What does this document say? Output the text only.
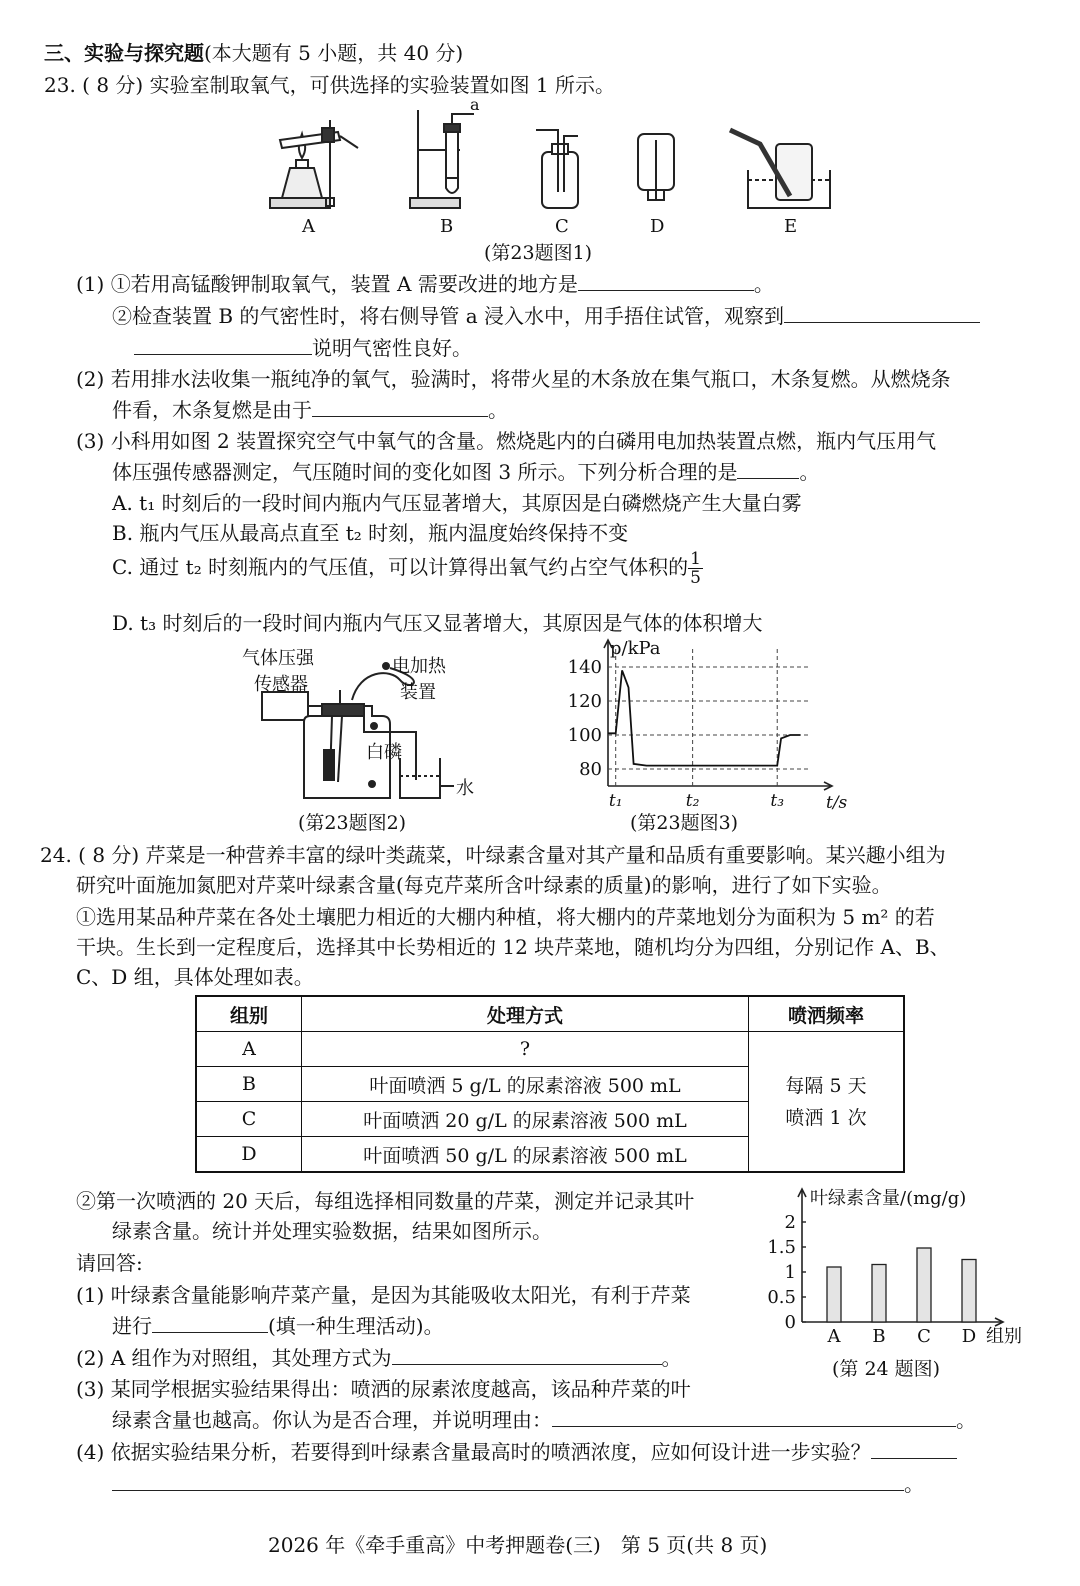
三、实验与探究题(本大题有 5 小题，共 40 分)
23. ( 8 分) 实验室制取氧气，可供选择的实验装置如图 1 所示。
A
a
B	C	D	E
(第23题图1)
(1) ①若用高锰酸钾制取氧气，装置 A 需要改进的地方是	。
②检查装置 B 的气密性时，将右侧导管 a 浸入水中，用手捂住试管，观察到
说明气密性良好。
(2) 若用排水法收集一瓶纯净的氧气，验满时，将带火星的木条放在集气瓶口，木条复燃。从燃烧条
件看，木条复燃是由于	。
(3) 小科用如图 2 装置探究空气中氧气的含量。燃烧匙内的白磷用电加热装置点燃，瓶内气压用气
体压强传感器测定，气压随时间的变化如图 3 所示。下列分析合理的是	。
A. t₁ 时刻后的一段时间内瓶内气压显著增大，其原因是白磷燃烧产生大量白雾
B. 瓶内气压从最高点直至 t₂ 时刻，瓶内温度始终保持不变
C. 通过 t₂ 时刻瓶内的气压值，可以计算得出氧气约占空气体积的 $\frac{1}{5}$
D. t₃ 时刻后的一段时间内瓶内气压又显著增大，其原因是气体的体积增大
气体压强
传感器
电加热
装置
白磷
水
(第23题图2)
80
100
120
140
t₁	t₂	t₃
p/kPa
t/s
(第23题图3)
24. ( 8 分) 芹菜是一种营养丰富的绿叶类蔬菜，叶绿素含量对其产量和品质有重要影响。某兴趣小组为
研究叶面施加氮肥对芹菜叶绿素含量(每克芹菜所含叶绿素的质量)的影响，进行了如下实验。
①选用某品种芹菜在各处土壤肥力相近的大棚内种植，将大棚内的芹菜地划分为面积为 5 m² 的若
干块。生长到一定程度后，选择其中长势相近的 12 块芹菜地，随机均分为四组，分别记作 A、B、
C、D 组，具体处理如表。
组别	处理方式	喷洒频率
A	?	每隔 5 天
喷洒 1 次

B	叶面喷洒 5 g/L 的尿素溶液 500 mL	
C	叶面喷洒 20 g/L 的尿素溶液 500 mL	
D	叶面喷洒 50 g/L 的尿素溶液 500 mL	
②第一次喷洒的 20 天后，每组选择相同数量的芹菜，测定并记录其叶
绿素含量。统计并处理实验数据，结果如图所示。
请回答:
(1) 叶绿素含量能影响芹菜产量，是因为其能吸收太阳光，有利于芹菜
进行	(填一种生理活动)。
(2) A 组作为对照组，其处理方式为	。
(3) 某同学根据实验结果得出：喷洒的尿素浓度越高，该品种芹菜的叶
绿素含量也越高。你认为是否合理，并说明理由：	。
(4) 依据实验结果分析，若要得到叶绿素含量最高时的喷洒浓度，应如何设计进一步实验？
。
0
0.5
1
1.5
2
A B C D
叶绿素含量/(mg/g)
组别
(第 24 题图)
2026 年《牵手重高》中考押题卷(三)　第 5 页(共 8 页)
